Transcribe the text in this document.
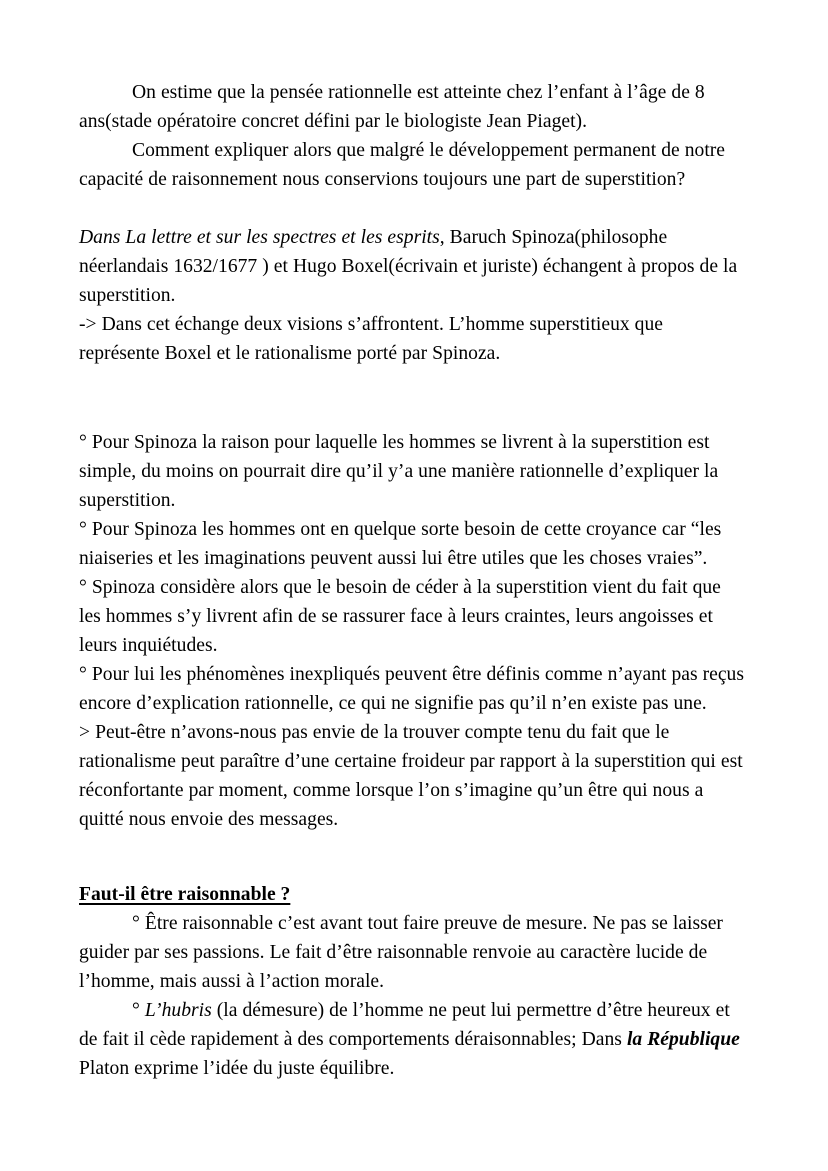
On estime que la pensée rationnelle est atteinte chez l’enfant à l’âge de 8 ans(stade opératoire concret défini par le biologiste Jean Piaget).

Comment expliquer alors que malgré le développement permanent de notre capacité de raisonnement nous conservions toujours une part de superstition?

Dans La lettre et sur les spectres et les esprits, Baruch Spinoza(philosophe néerlandais 1632/1677 ) et Hugo Boxel(écrivain et juriste) échangent à propos de la superstition.

-> Dans cet échange deux visions s’affrontent. L’homme superstitieux que représente Boxel et le rationalisme porté par Spinoza.

° Pour Spinoza la raison pour laquelle les hommes se livrent à la superstition est simple, du moins on pourrait dire qu’il y’a une manière rationnelle d’expliquer la superstition.

° Pour Spinoza les hommes ont en quelque sorte besoin de cette croyance car “les niaiseries et les imaginations peuvent aussi lui être utiles que les choses vraies”.

° Spinoza considère alors que le besoin de céder à la superstition vient du fait que les hommes s’y livrent afin de se rassurer face à leurs craintes, leurs angoisses et leurs inquiétudes.

° Pour lui les phénomènes inexpliqués peuvent être définis comme n’ayant pas reçus encore d’explication rationnelle, ce qui ne signifie pas qu’il n’en existe pas une.

> Peut-être n’avons-nous pas envie de la trouver compte tenu du fait que le rationalisme peut paraître d’une certaine froideur par rapport à la superstition qui est réconfortante par moment, comme lorsque l’on s’imagine qu’un être qui nous a quitté nous envoie des messages.

Faut-il être raisonnable ?

° Être raisonnable c’est avant tout faire preuve de mesure. Ne pas se laisser guider par ses passions. Le fait d’être raisonnable renvoie au caractère lucide de l’homme, mais aussi à l’action morale.

° L’hubris (la démesure) de l’homme ne peut lui permettre d’être heureux et de fait il cède rapidement à des comportements déraisonnables; Dans la République Platon exprime l’idée du juste équilibre.
